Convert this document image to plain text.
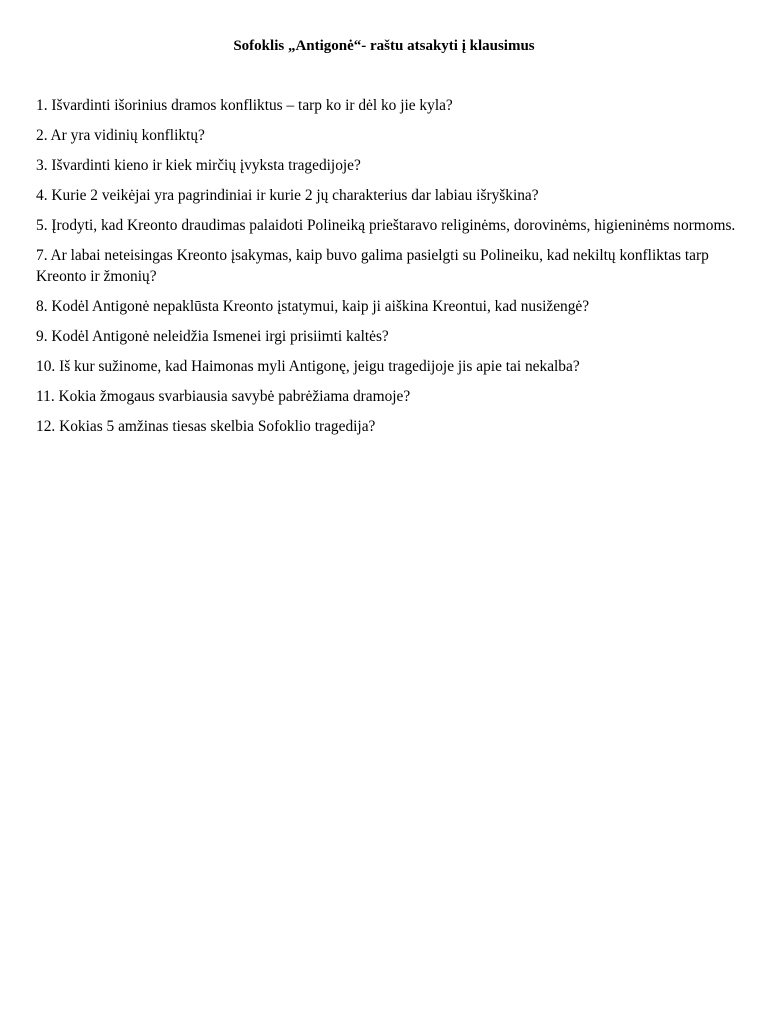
Sofoklis „Antigonė“- raštu atsakyti į klausimus
1. Išvardinti išorinius dramos konfliktus – tarp ko ir dėl ko jie kyla?
2. Ar yra vidinių konfliktų?
3. Išvardinti kieno ir kiek mirčių įvyksta tragedijoje?
4. Kurie 2 veikėjai yra pagrindiniai ir kurie 2 jų charakterius dar labiau išryškina?
5. Įrodyti, kad Kreonto draudimas palaidoti Polineiką prieštaravo religinėms, dorovinėms, higieninėms normoms.
7. Ar labai neteisingas Kreonto įsakymas, kaip buvo galima pasielgti su Polineiku, kad nekiltų konfliktas tarp Kreonto ir žmonių?
8. Kodėl Antigonė nepaklūsta Kreonto įstatymui, kaip ji aiškina Kreontui, kad nusižengė?
9. Kodėl Antigonė neleidžia Ismenei irgi prisiimti kaltės?
10. Iš kur sužinome, kad Haimonas myli Antigonę, jeigu tragedijoje jis apie tai nekalba?
11. Kokia žmogaus svarbiausia savybė pabrėžiama dramoje?
12. Kokias 5 amžinas tiesas skelbia Sofoklio tragedija?
